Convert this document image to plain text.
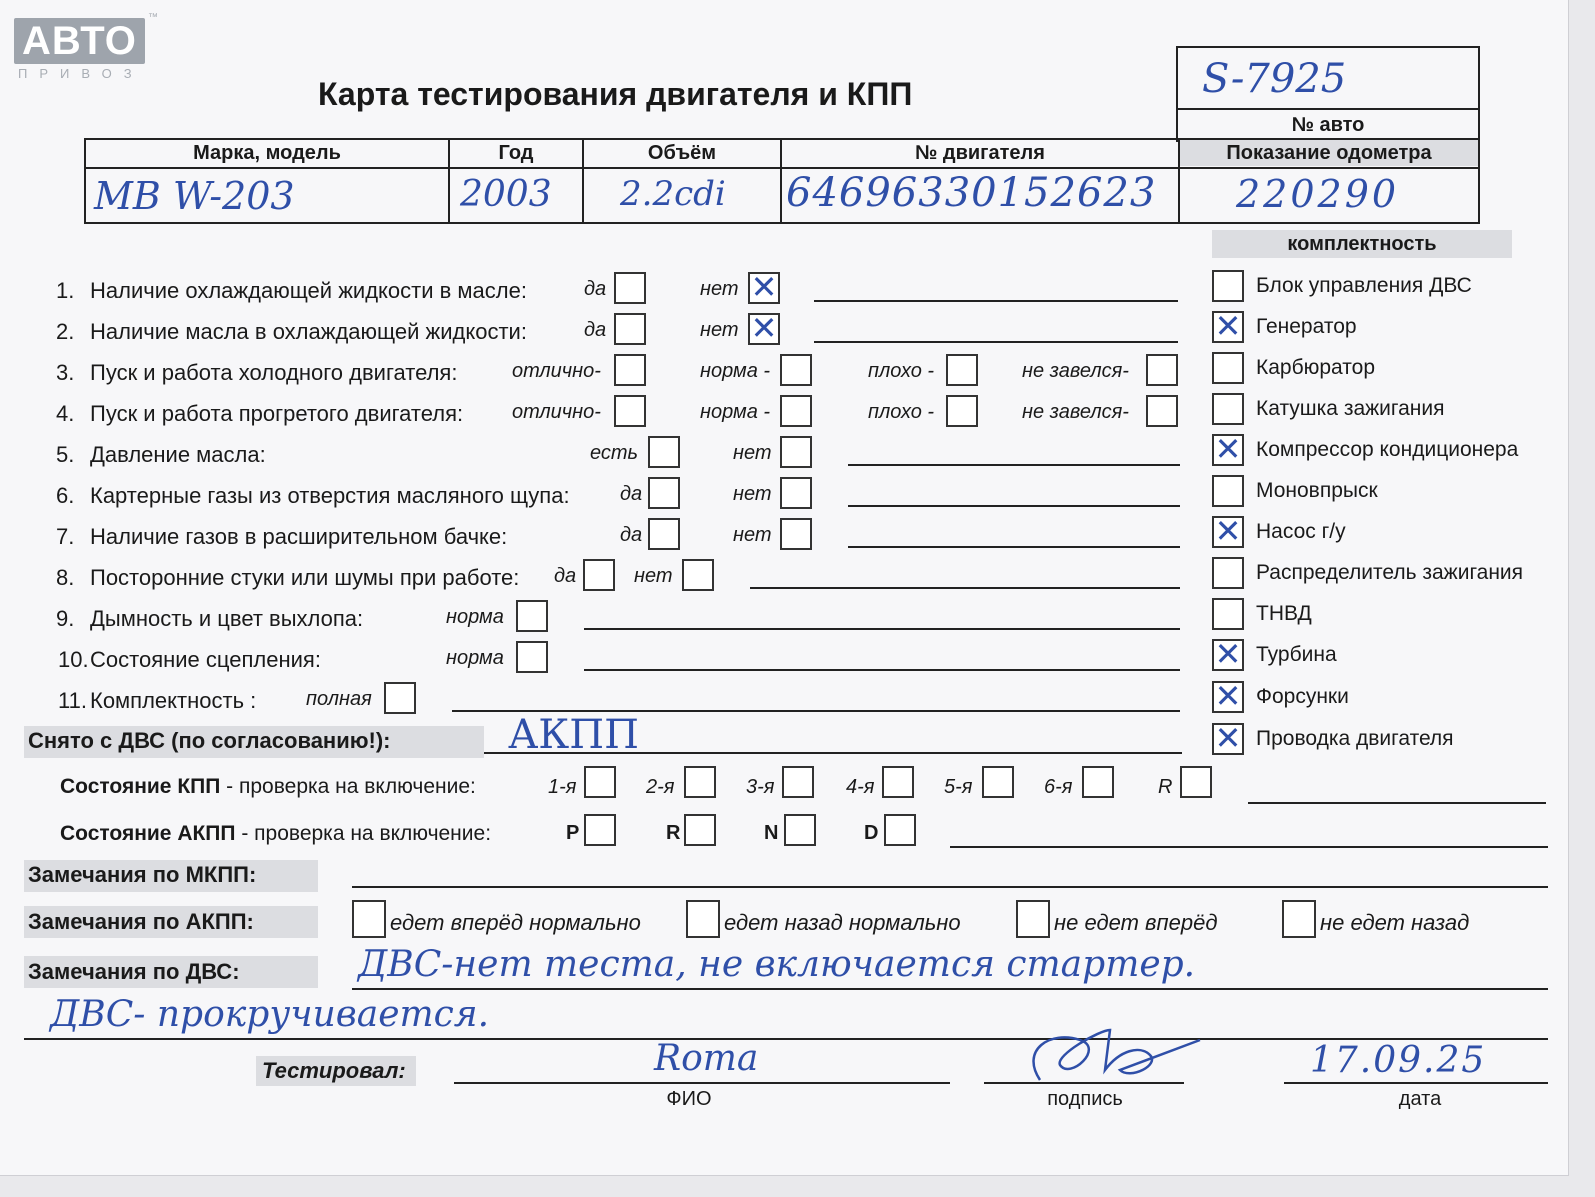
АВТО
ПРИВОЗ
™
Карта тестирования двигателя и КПП	S-7925
№ авто
Марка, модель
МВ W-203
Год
2003
Объём
2.2cdi
№ двигателя
64696330152623
Показание одометра
220290
комплектность
Снято с ДВС (по согласованию!):	АКПП
Состояние КПП - проверка на включение:
Состояние АКПП - проверка на включение:
Замечания по МКПП:
Замечания по АКПП:
Замечания по ДВС:	ДВС-нет теста, не включается стартер.
ДВС- прокручивается.
Тестировал:	Roma
ФИО	подпись
17.09.25
дата
1. Наличие охлаждающей жидкости в масле:	да	нет ✕
2. Наличие масла в охлаждающей жидкости:	да	нет ✕
3. Пуск и работа холодного двигателя:	отлично-	норма -	плохо -	не завелся-
4. Пуск и работа прогретого двигателя: отлично-	норма -	плохо -	не завелся-
5. Давление масла:	есть	нет
6. Картерные газы из отверстия масляного щупа:	да	нет
7. Наличие газов в расширительном бачке:	да	нет
8. Посторонние стуки или шумы при работе: да	нет
9. Дымность и цвет выхлопа:	норма
10. Состояние сцепления:	норма
11. Комплектность : полная
Блок управления ДВС
✕ Генератор
Карбюратор
Катушка зажигания
✕ Компрессор кондиционера
Моновпрыск
✕ Насос г/у
Распределитель зажигания
ТНВД
✕ Турбина
✕ Форсунки
✕ Проводка двигателя
1-я	2-я	3-я	4-я	5-я	6-я	R
P	R	N	D
едет вперёд нормально	едет назад нормально	не едет вперёд	не едет назад
